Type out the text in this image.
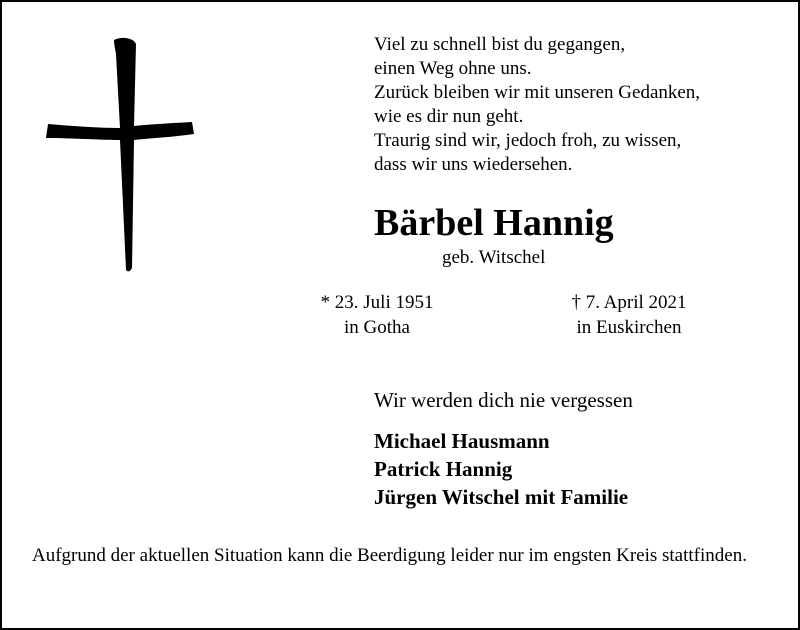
Viel zu schnell bist du gegangen,
einen Weg ohne uns.
Zurück bleiben wir mit unseren Gedanken,
wie es dir nun geht.
Traurig sind wir, jedoch froh, zu wissen,
dass wir uns wiedersehen.
Bärbel Hannig
geb. Witschel
* 23. Juli 1951
in Gotha
† 7. April 2021
in Euskirchen
Wir werden dich nie vergessen
Michael Hausmann
Patrick Hannig
Jürgen Witschel mit Familie
Aufgrund der aktuellen Situation kann die Beerdigung leider nur im engsten Kreis stattfinden.
